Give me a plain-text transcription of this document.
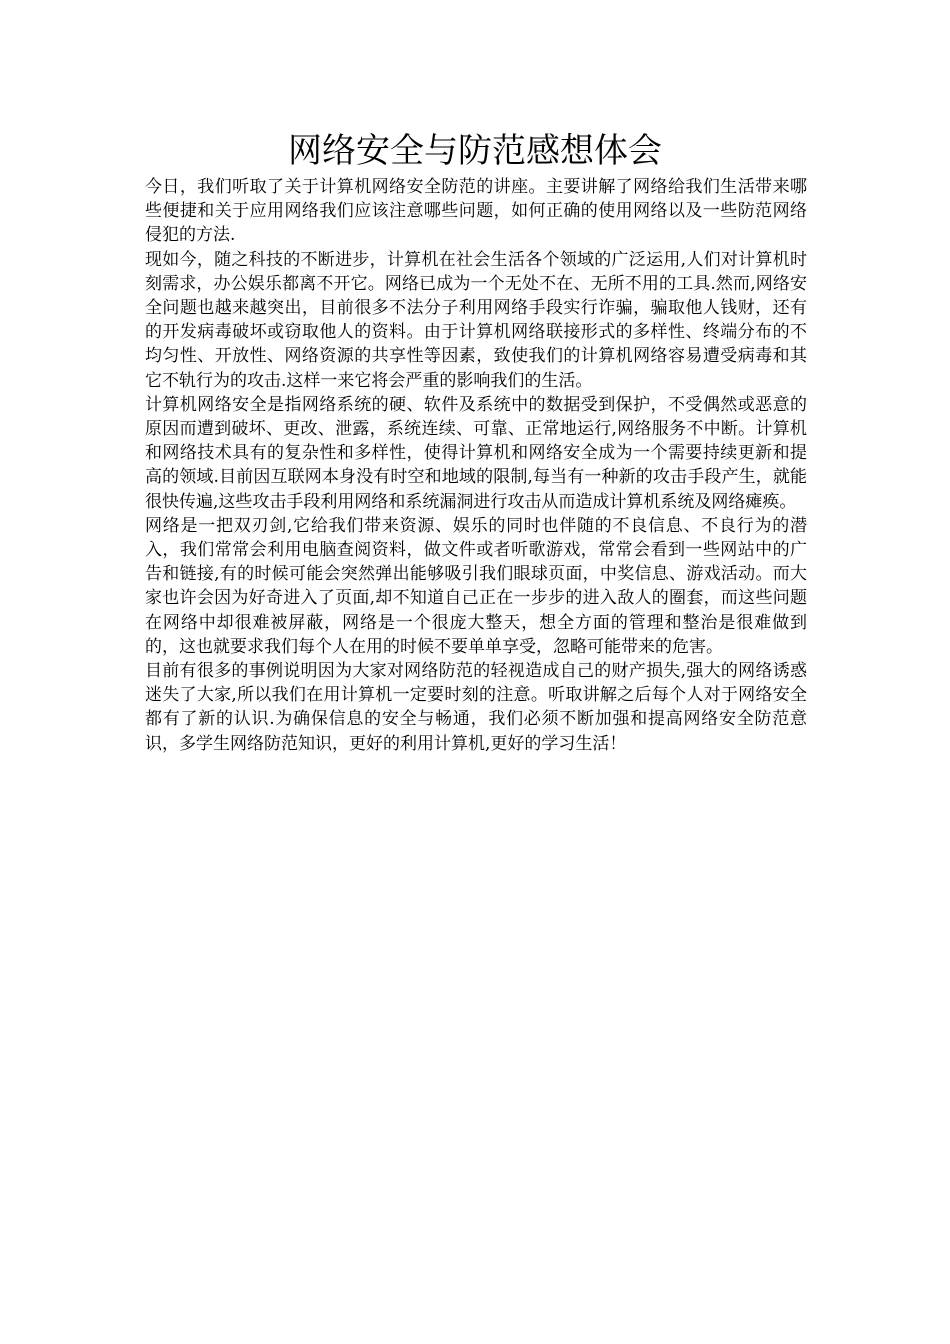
网络安全与防范感想体会

今日，我们听取了关于计算机网络安全防范的讲座。主要讲解了网络给我们生活带来哪些便捷和关于应用网络我们应该注意哪些问题，如何正确的使用网络以及一些防范网络侵犯的方法.

现如今，随之科技的不断进步，计算机在社会生活各个领域的广泛运用,人们对计算机时刻需求，办公娱乐都离不开它。网络已成为一个无处不在、无所不用的工具.然而,网络安全问题也越来越突出，目前很多不法分子利用网络手段实行诈骗，骗取他人钱财，还有的开发病毒破坏或窃取他人的资料。由于计算机网络联接形式的多样性、终端分布的不均匀性、开放性、网络资源的共享性等因素，致使我们的计算机网络容易遭受病毒和其它不轨行为的攻击.这样一来它将会严重的影响我们的生活。

计算机网络安全是指网络系统的硬、软件及系统中的数据受到保护，不受偶然或恶意的原因而遭到破坏、更改、泄露，系统连续、可靠、正常地运行,网络服务不中断。计算机和网络技术具有的复杂性和多样性，使得计算机和网络安全成为一个需要持续更新和提高的领域.目前因互联网本身没有时空和地域的限制,每当有一种新的攻击手段产生，就能很快传遍,这些攻击手段利用网络和系统漏洞进行攻击从而造成计算机系统及网络瘫痪。

网络是一把双刃剑,它给我们带来资源、娱乐的同时也伴随的不良信息、不良行为的潜入，我们常常会利用电脑查阅资料，做文件或者听歌游戏，常常会看到一些网站中的广告和链接,有的时候可能会突然弹出能够吸引我们眼球页面，中奖信息、游戏活动。而大家也许会因为好奇进入了页面,却不知道自己正在一步步的进入敌人的圈套，而这些问题在网络中却很难被屏蔽，网络是一个很庞大整天，想全方面的管理和整治是很难做到的，这也就要求我们每个人在用的时候不要单单享受，忽略可能带来的危害。

目前有很多的事例说明因为大家对网络防范的轻视造成自己的财产损失,强大的网络诱惑迷失了大家,所以我们在用计算机一定要时刻的注意。听取讲解之后每个人对于网络安全都有了新的认识.为确保信息的安全与畅通，我们必须不断加强和提高网络安全防范意识，多学生网络防范知识，更好的利用计算机,更好的学习生活！
